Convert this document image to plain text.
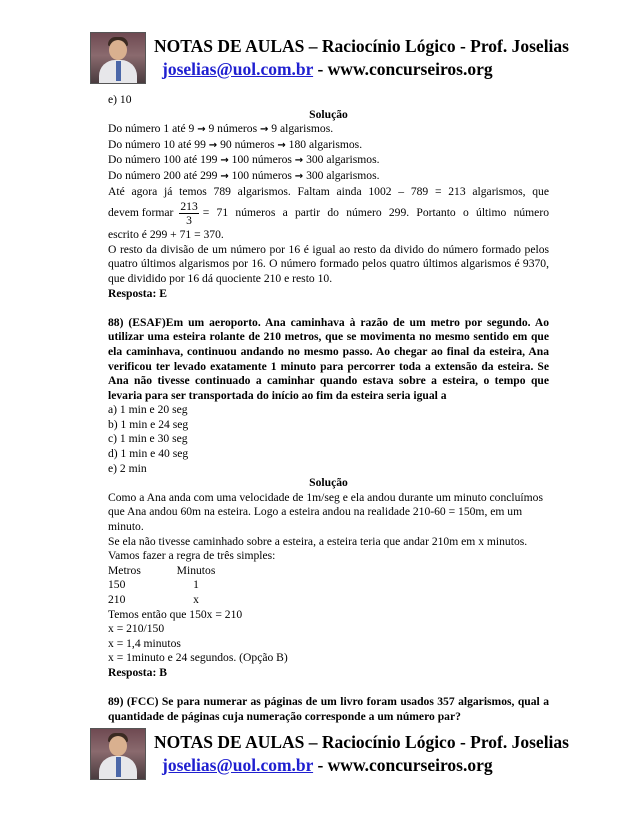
NOTAS DE AULAS – Raciocínio Lógico - Prof. Joselias
joselias@uol.com.br - www.concurseiros.org

e) 10

Solução

Do número 1 até 9 → 9 números → 9 algarismos.

Do número 10 até 99 → 90 números → 180 algarismos.

Do número 100 até 199 → 100 números → 300 algarismos.

Do número 200 até 299 → 100 números → 300 algarismos.

Até agora já temos 789 algarismos. Faltam ainda 1002 – 789 = 213 algarismos, que

devem formar $\frac{213}{3} = 71$ números a partir do número 299. Portanto o último número

escrito é 299 + 71 = 370.

O resto da divisão de um número por 16 é igual ao resto da divido do número formado pelos quatro últimos algarismos por 16. O número formado pelos quatro últimos algarismos é 9370, que dividido por 16 dá quociente 210 e resto 10.

Resposta: E

88) (ESAF)Em um aeroporto. Ana caminhava à razão de um metro por segundo. Ao utilizar uma esteira rolante de 210 metros, que se movimenta no mesmo sentido em que ela caminhava, continuou andando no mesmo passo. Ao chegar ao final da esteira, Ana verificou ter levado exatamente 1 minuto para percorrer toda a extensão da esteira. Se Ana não tivesse continuado a caminhar quando estava sobre a esteira, o tempo que levaria para ser transportada do início ao fim da esteira seria igual a

a) 1 min e 20 seg

b) 1 min e 24 seg

c) 1 min e 30 seg

d) 1 min e 40 seg

e) 2 min

Solução

Como a Ana anda com uma velocidade de 1m/seg e ela andou durante um minuto concluímos que Ana andou 60m na esteira. Logo a esteira andou na realidade 210-60 = 150m, em um minuto.

Se ela não tivesse caminhado sobre a esteira, a esteira teria que andar 210m em x minutos. Vamos fazer a regra de três simples:

Metros	Minutos
150	1
210	x

Temos então que 150x = 210

x = 210/150

x = 1,4 minutos

x = 1minuto e 24 segundos. (Opção B)

Resposta: B

89) (FCC) Se para numerar as páginas de um livro foram usados 357 algarismos, qual a quantidade de páginas cuja numeração corresponde a um número par?

NOTAS DE AULAS – Raciocínio Lógico - Prof. Joselias
joselias@uol.com.br - www.concurseiros.org
